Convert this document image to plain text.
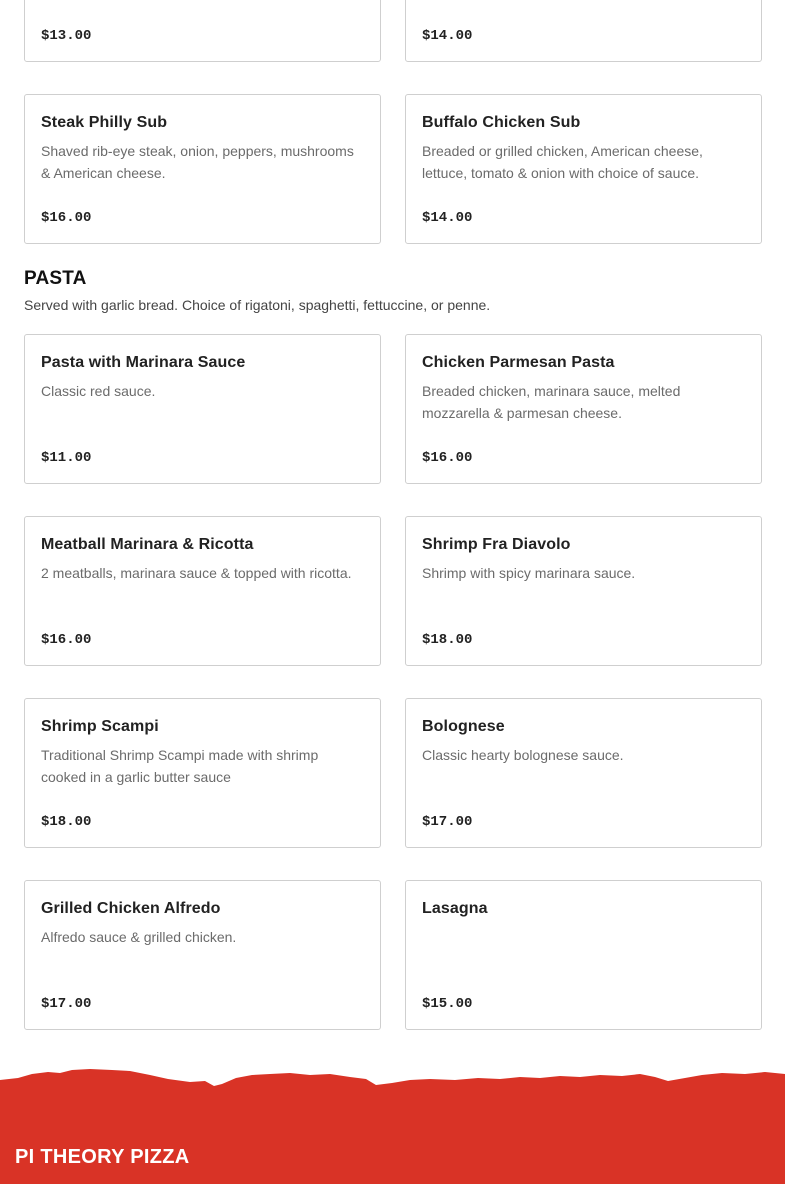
$13.00	$14.00
Steak Philly Sub
Shaved rib-eye steak, onion, peppers, mushrooms & American cheese.
$16.00
Buffalo Chicken Sub
Breaded or grilled chicken, American cheese, lettuce, tomato & onion with choice of sauce.
$14.00
PASTA
Served with garlic bread. Choice of rigatoni, spaghetti, fettuccine, or penne.
Pasta with Marinara Sauce
Classic red sauce.
$11.00
Chicken Parmesan Pasta
Breaded chicken, marinara sauce, melted mozzarella & parmesan cheese.
$16.00
Meatball Marinara & Ricotta
2 meatballs, marinara sauce & topped with ricotta.
$16.00
Shrimp Fra Diavolo
Shrimp with spicy marinara sauce.
$18.00
Shrimp Scampi
Traditional Shrimp Scampi made with shrimp cooked in a garlic butter sauce
$18.00
Bolognese
Classic hearty bolognese sauce.
$17.00
Grilled Chicken Alfredo
Alfredo sauce & grilled chicken.
$17.00
Lasagna
$15.00
PI THEORY PIZZA
